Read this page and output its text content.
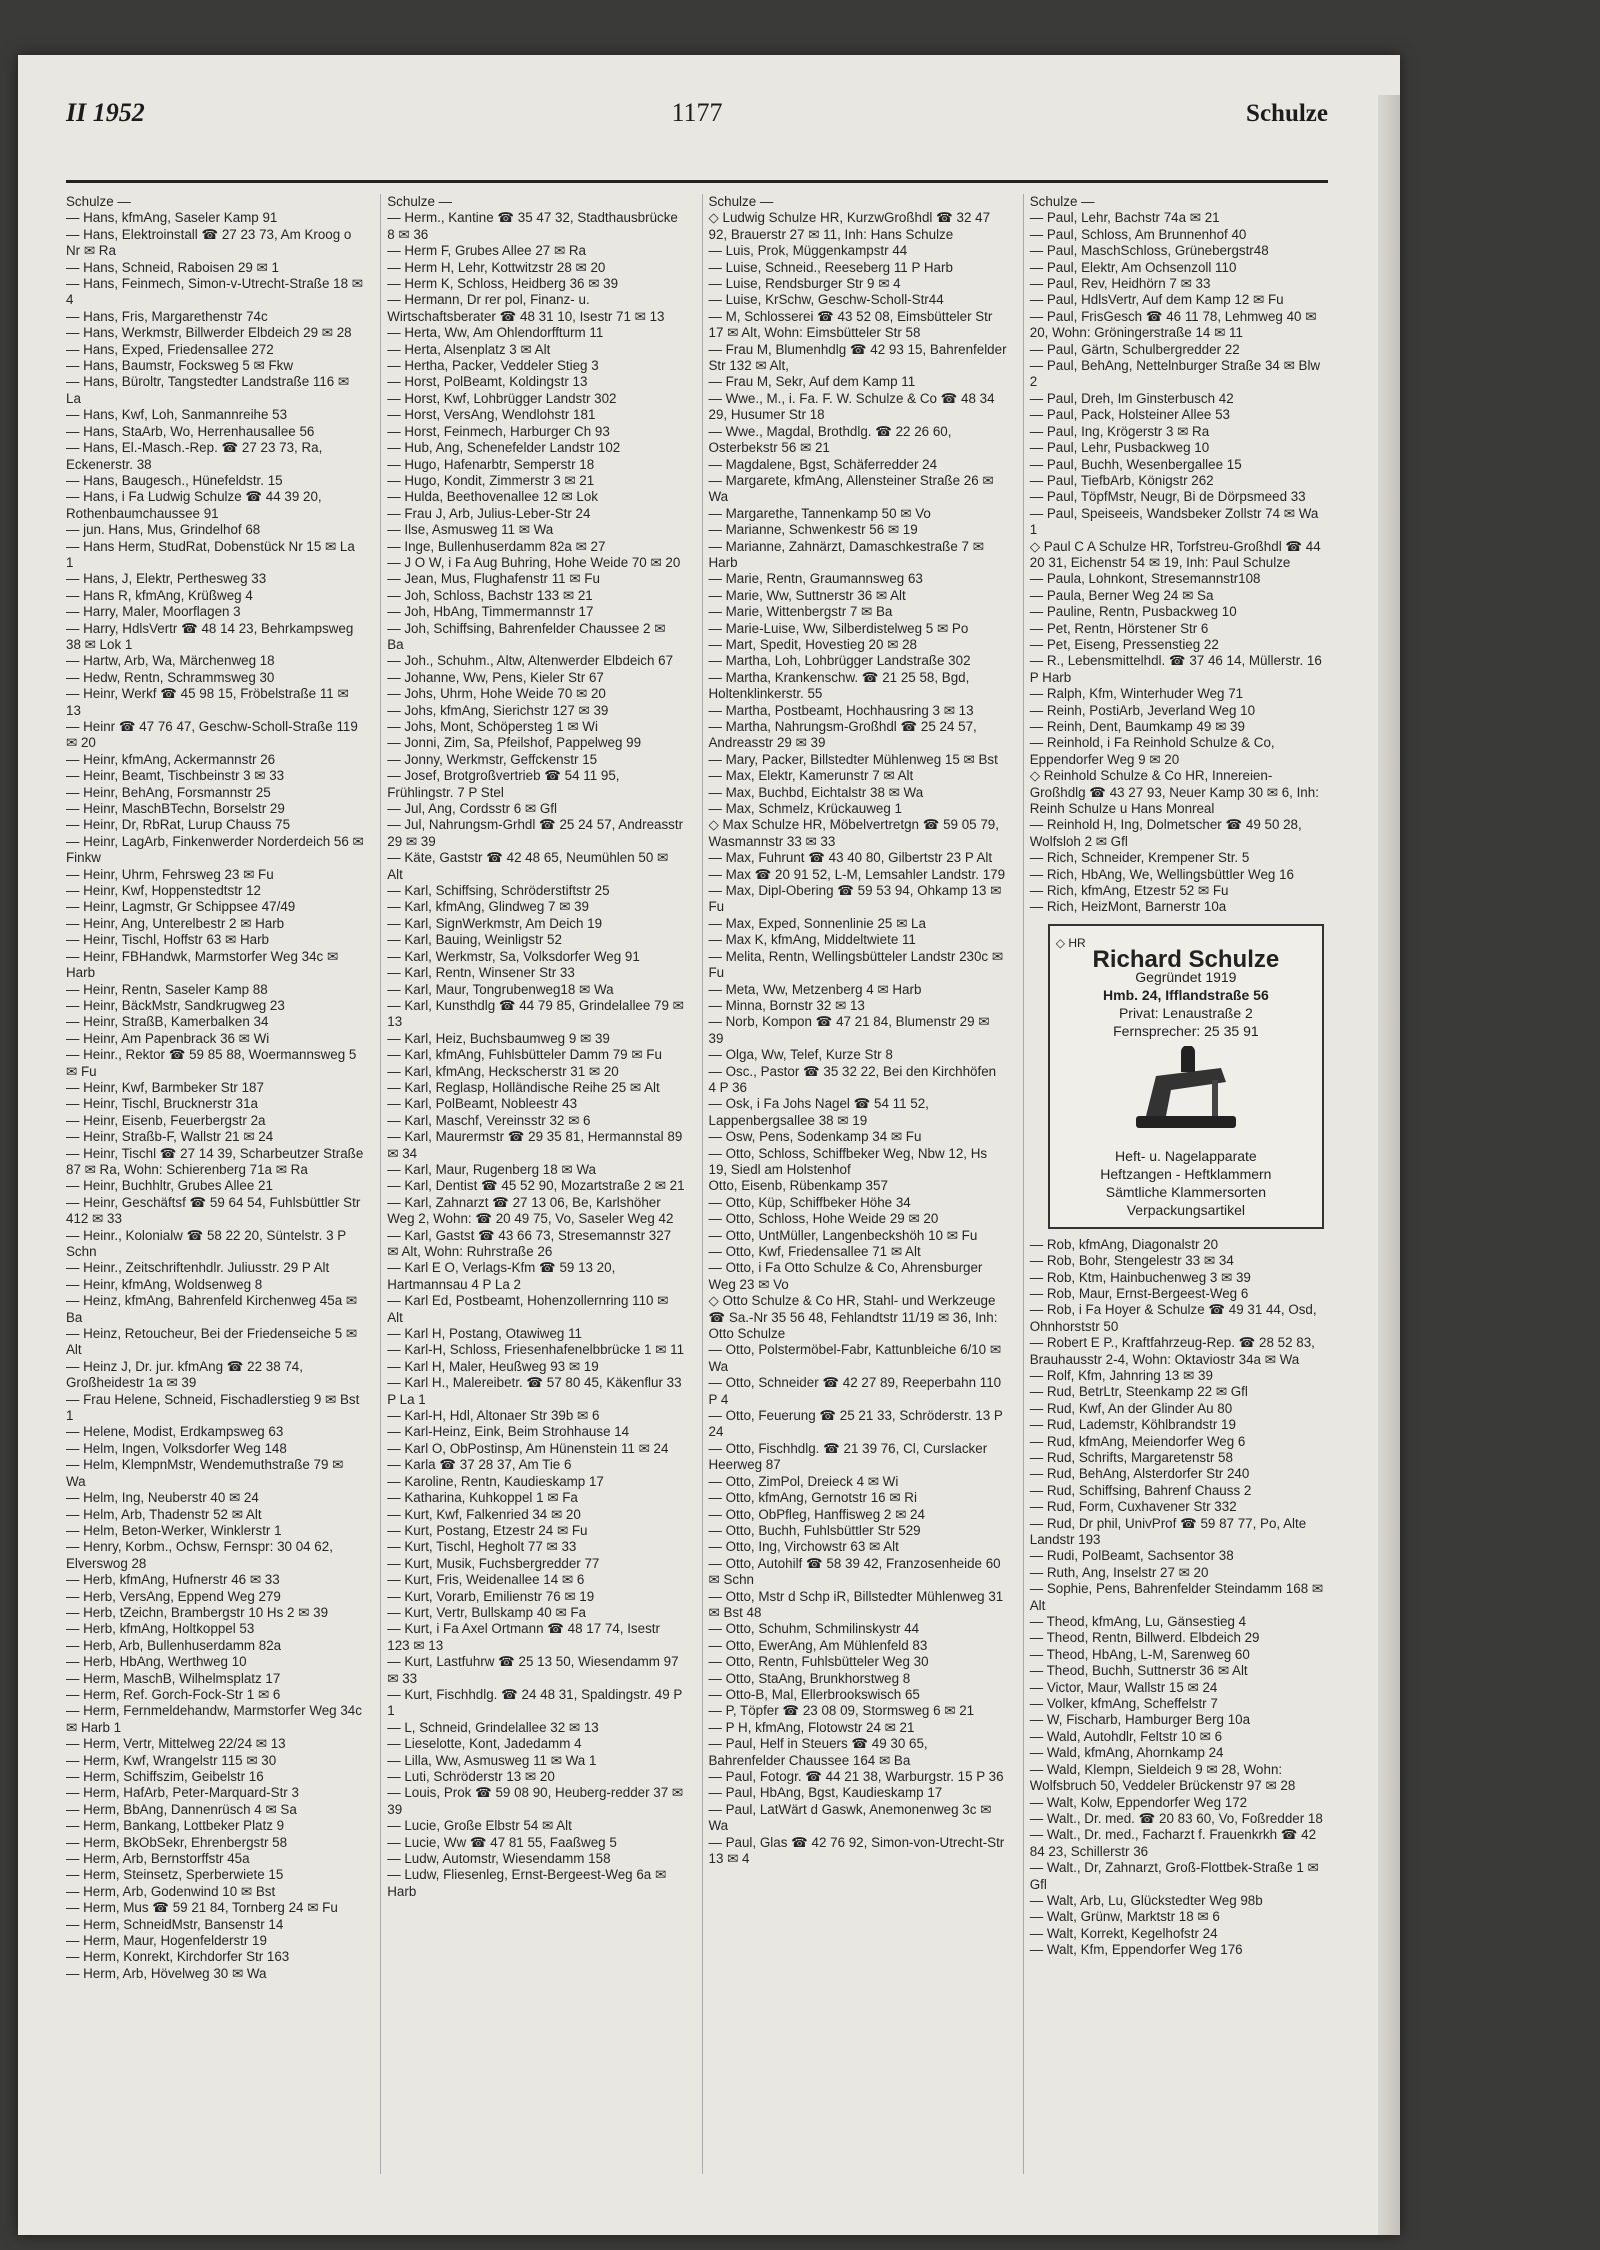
II 1952	1177	Schulze
Schulze —
— Hans, kfmAng, Saseler Kamp 91
— Hans, Elektroinstall ☎ 27 23 73, Am Kroog o Nr ✉ Ra
— Hans, Schneid, Raboisen 29 ✉ 1
— Hans, Feinmech, Simon-v-Utrecht-Straße 18 ✉ 4
— Hans, Fris, Margarethenstr 74c
— Hans, Werkmstr, Billwerder Elbdeich 29 ✉ 28
— Hans, Exped, Friedensallee 272
— Hans, Baumstr, Focksweg 5 ✉ Fkw
— Hans, Büroltr, Tangstedter Landstraße 116 ✉ La
— Hans, Kwf, Loh, Sanmannreihe 53
— Hans, StaArb, Wo, Herrenhausallee 56
— Hans, El.-Masch.-Rep. ☎ 27 23 73, Ra, Eckenerstr. 38
— Hans, Baugesch., Hünefeldstr. 15
— Hans, i Fa Ludwig Schulze ☎ 44 39 20, Rothenbaumchaussee 91
— jun. Hans, Mus, Grindelhof 68
— Hans Herm, StudRat, Dobenstück Nr 15 ✉ La 1
— Hans, J, Elektr, Perthesweg 33
— Hans R, kfmAng, Krüßweg 4
— Harry, Maler, Moorflagen 3
— Harry, HdlsVertr ☎ 48 14 23, Behrkampsweg 38 ✉ Lok 1
— Hartw, Arb, Wa, Märchenweg 18
— Hedw, Rentn, Schrammsweg 30
— Heinr, Werkf ☎ 45 98 15, Fröbelstraße 11 ✉ 13
— Heinr ☎ 47 76 47, Geschw-Scholl-Straße 119 ✉ 20
— Heinr, kfmAng, Ackermannstr 26
— Heinr, Beamt, Tischbeinstr 3 ✉ 33
— Heinr, BehAng, Forsmannstr 25
— Heinr, MaschBTechn, Borselstr 29
— Heinr, Dr, RbRat, Lurup Chauss 75
— Heinr, LagArb, Finkenwerder Norderdeich 56 ✉ Finkw
— Heinr, Uhrm, Fehrsweg 23 ✉ Fu
— Heinr, Kwf, Hoppenstedtstr 12
— Heinr, Lagmstr, Gr Schippsee 47/49
— Heinr, Ang, Unterelbestr 2 ✉ Harb
— Heinr, Tischl, Hoffstr 63 ✉ Harb
— Heinr, FBHandwk, Marmstorfer Weg 34c ✉ Harb
— Heinr, Rentn, Saseler Kamp 88
— Heinr, BäckMstr, Sandkrugweg 23
— Heinr, StraßB, Kamerbalken 34
— Heinr, Am Papenbrack 36 ✉ Wi
— Heinr., Rektor ☎ 59 85 88, Woermannsweg 5 ✉ Fu
— Heinr, Kwf, Barmbeker Str 187
— Heinr, Tischl, Brucknerstr 31a
— Heinr, Eisenb, Feuerbergstr 2a
— Heinr, Straßb-F, Wallstr 21 ✉ 24
— Heinr, Tischl ☎ 27 14 39, Scharbeutzer Straße 87 ✉ Ra, Wohn: Schierenberg 71a ✉ Ra
— Heinr, Buchhltr, Grubes Allee 21
— Heinr, Geschäftsf ☎ 59 64 54, Fuhlsbüttler Str 412 ✉ 33
— Heinr., Kolonialw ☎ 58 22 20, Süntelstr. 3 P Schn
— Heinr., Zeitschriftenhdlr. Juliusstr. 29 P Alt
— Heinr, kfmAng, Woldsenweg 8
— Heinz, kfmAng, Bahrenfeld Kirchenweg 45a ✉ Ba
— Heinz, Retoucheur, Bei der Friedenseiche 5 ✉ Alt
— Heinz J, Dr. jur. kfmAng ☎ 22 38 74, Großheidestr 1a ✉ 39
— Frau Helene, Schneid, Fischadlerstieg 9 ✉ Bst 1
— Helene, Modist, Erdkampsweg 63
— Helm, Ingen, Volksdorfer Weg 148
— Helm, KlempnMstr, Wendemuthstraße 79 ✉ Wa
— Helm, Ing, Neuberstr 40 ✉ 24
— Helm, Arb, Thadenstr 52 ✉ Alt
— Helm, Beton-Werker, Winklerstr 1
— Henry, Korbm., Ochsw, Fernspr: 30 04 62, Elverswog 28
— Herb, kfmAng, Hufnerstr 46 ✉ 33
— Herb, VersAng, Eppend Weg 279
— Herb, tZeichn, Brambergstr 10 Hs 2 ✉ 39
— Herb, kfmAng, Holtkoppel 53
— Herb, Arb, Bullenhuserdamm 82a
— Herb, HbAng, Werthweg 10
— Herm, MaschB, Wilhelmsplatz 17
— Herm, Ref. Gorch-Fock-Str 1 ✉ 6
— Herm, Fernmeldehandw, Marmstorfer Weg 34c ✉ Harb 1
— Herm, Vertr, Mittelweg 22/24 ✉ 13
— Herm, Kwf, Wrangelstr 115 ✉ 30
— Herm, Schiffszim, Geibelstr 16
— Herm, HafArb, Peter-Marquard-Str 3
— Herm, BbAng, Dannenrüsch 4 ✉ Sa
— Herm, Bankang, Lottbeker Platz 9
— Herm, BkObSekr, Ehrenbergstr 58
— Herm, Arb, Bernstorffstr 45a
— Herm, Steinsetz, Sperberwiete 15
— Herm, Arb, Godenwind 10 ✉ Bst
— Herm, Mus ☎ 59 21 84, Tornberg 24 ✉ Fu
— Herm, SchneidMstr, Bansenstr 14
— Herm, Maur, Hogenfelderstr 19
— Herm, Konrekt, Kirchdorfer Str 163
— Herm, Arb, Hövelweg 30 ✉ Wa
Schulze —
— Herm., Kantine ☎ 35 47 32, Stadthausbrücke 8 ✉ 36
— Herm F, Grubes Allee 27 ✉ Ra
— Herm H, Lehr, Kottwitzstr 28 ✉ 20
— Herm K, Schloss, Heidberg 36 ✉ 39
— Hermann, Dr rer pol, Finanz- u. Wirtschaftsberater ☎ 48 31 10, Isestr 71 ✉ 13
— Herta, Ww, Am Ohlendorffturm 11
— Herta, Alsenplatz 3 ✉ Alt
— Hertha, Packer, Veddeler Stieg 3
— Horst, PolBeamt, Koldingstr 13
— Horst, Kwf, Lohbrügger Landstr 302
— Horst, VersAng, Wendlohstr 181
— Horst, Feinmech, Harburger Ch 93
— Hub, Ang, Schenefelder Landstr 102
— Hugo, Hafenarbtr, Semperstr 18
— Hugo, Kondit, Zimmerstr 3 ✉ 21
— Hulda, Beethovenallee 12 ✉ Lok
— Frau J, Arb, Julius-Leber-Str 24
— Ilse, Asmusweg 11 ✉ Wa
— Inge, Bullenhuserdamm 82a ✉ 27
— J O W, i Fa Aug Buhring, Hohe Weide 70 ✉ 20
— Jean, Mus, Flughafenstr 11 ✉ Fu
— Joh, Schloss, Bachstr 133 ✉ 21
— Joh, HbAng, Timmermannstr 17
— Joh, Schiffsing, Bahrenfelder Chaussee 2 ✉ Ba
— Joh., Schuhm., Altw, Altenwerder Elbdeich 67
— Johanne, Ww, Pens, Kieler Str 67
— Johs, Uhrm, Hohe Weide 70 ✉ 20
— Johs, kfmAng, Sierichstr 127 ✉ 39
— Johs, Mont, Schöpersteg 1 ✉ Wi
— Jonni, Zim, Sa, Pfeilshof, Pappelweg 99
— Jonny, Werkmstr, Geffckenstr 15
— Josef, Brotgroßvertrieb ☎ 54 11 95, Frühlingstr. 7 P Stel
— Jul, Ang, Cordsstr 6 ✉ Gfl
— Jul, Nahrungsm-Grhdl ☎ 25 24 57, Andreasstr 29 ✉ 39
— Käte, Gaststr ☎ 42 48 65, Neumühlen 50 ✉ Alt
— Karl, Schiffsing, Schröderstiftstr 25
— Karl, kfmAng, Glindweg 7 ✉ 39
— Karl, SignWerkmstr, Am Deich 19
— Karl, Bauing, Weinligstr 52
— Karl, Werkmstr, Sa, Volksdorfer Weg 91
— Karl, Rentn, Winsener Str 33
— Karl, Maur, Tongrubenweg18 ✉ Wa
— Karl, Kunsthdlg ☎ 44 79 85, Grindelallee 79 ✉ 13
— Karl, Heiz, Buchsbaumweg 9 ✉ 39
— Karl, kfmAng, Fuhlsbütteler Damm 79 ✉ Fu
— Karl, kfmAng, Heckscherstr 31 ✉ 20
— Karl, Reglasp, Holländische Reihe 25 ✉ Alt
— Karl, PolBeamt, Nobleestr 43
— Karl, Maschf, Vereinsstr 32 ✉ 6
— Karl, Maurermstr ☎ 29 35 81, Hermannstal 89 ✉ 34
— Karl, Maur, Rugenberg 18 ✉ Wa
— Karl, Dentist ☎ 45 52 90, Mozartstraße 2 ✉ 21
— Karl, Zahnarzt ☎ 27 13 06, Be, Karlshöher Weg 2, Wohn: ☎ 20 49 75, Vo, Saseler Weg 42
— Karl, Gastst ☎ 43 66 73, Stresemannstr 327 ✉ Alt, Wohn: Ruhrstraße 26
— Karl E O, Verlags-Kfm ☎ 59 13 20, Hartmannsau 4 P La 2
— Karl Ed, Postbeamt, Hohenzollernring 110 ✉ Alt
— Karl H, Postang, Otawiweg 11
— Karl-H, Schloss, Friesenhafenelbbrücke 1 ✉ 11
— Karl H, Maler, Heußweg 93 ✉ 19
— Karl H., Malereibetr. ☎ 57 80 45, Käkenflur 33 P La 1
— Karl-H, Hdl, Altonaer Str 39b ✉ 6
— Karl-Heinz, Eink, Beim Strohhause 14
— Karl O, ObPostinsp, Am Hünenstein 11 ✉ 24
— Karla ☎ 37 28 37, Am Tie 6
— Karoline, Rentn, Kaudieskamp 17
— Katharina, Kuhkoppel 1 ✉ Fa
— Kurt, Kwf, Falkenried 34 ✉ 20
— Kurt, Postang, Etzestr 24 ✉ Fu
— Kurt, Tischl, Hegholt 77 ✉ 33
— Kurt, Musik, Fuchsbergredder 77
— Kurt, Fris, Weidenallee 14 ✉ 6
— Kurt, Vorarb, Emilienstr 76 ✉ 19
— Kurt, Vertr, Bullskamp 40 ✉ Fa
— Kurt, i Fa Axel Ortmann ☎ 48 17 74, Isestr 123 ✉ 13
— Kurt, Lastfuhrw ☎ 25 13 50, Wiesendamm 97 ✉ 33
— Kurt, Fischhdlg. ☎ 24 48 31, Spaldingstr. 49 P 1
— L, Schneid, Grindelallee 32 ✉ 13
— Lieselotte, Kont, Jadedamm 4
— Lilla, Ww, Asmusweg 11 ✉ Wa 1
— Luti, Schröderstr 13 ✉ 20
— Louis, Prok ☎ 59 08 90, Heuberg-redder 37 ✉ 39
— Lucie, Große Elbstr 54 ✉ Alt
— Lucie, Ww ☎ 47 81 55, Faaßweg 5
— Ludw, Automstr, Wiesendamm 158
— Ludw, Fliesenleg, Ernst-Bergeest-Weg 6a ✉ Harb
Schulze —
◇ Ludwig Schulze HR, KurzwGroßhdl ☎ 32 47 92, Brauerstr 27 ✉ 11, Inh: Hans Schulze
— Luis, Prok, Müggenkampstr 44
— Luise, Schneid., Reeseberg 11 P Harb
— Luise, Rendsburger Str 9 ✉ 4
— Luise, KrSchw, Geschw-Scholl-Str44
— M, Schlosserei ☎ 43 52 08, Eimsbütteler Str 17 ✉ Alt, Wohn: Eimsbütteler Str 58
— Frau M, Blumenhdlg ☎ 42 93 15, Bahrenfelder Str 132 ✉ Alt,
— Frau M, Sekr, Auf dem Kamp 11
— Wwe., M., i. Fa. F. W. Schulze & Co ☎ 48 34 29, Husumer Str 18
— Wwe., Magdal, Brothdlg. ☎ 22 26 60, Osterbekstr 56 ✉ 21
— Magdalene, Bgst, Schäferredder 24
— Margarete, kfmAng, Allensteiner Straße 26 ✉ Wa
— Margarethe, Tannenkamp 50 ✉ Vo
— Marianne, Schwenkestr 56 ✉ 19
— Marianne, Zahnärzt, Damaschkestraße 7 ✉ Harb
— Marie, Rentn, Graumannsweg 63
— Marie, Ww, Suttnerstr 36 ✉ Alt
— Marie, Wittenbergstr 7 ✉ Ba
— Marie-Luise, Ww, Silberdistelweg 5 ✉ Po
— Mart, Spedit, Hovestieg 20 ✉ 28
— Martha, Loh, Lohbrügger Landstraße 302
— Martha, Krankenschw. ☎ 21 25 58, Bgd, Holtenklinkerstr. 55
— Martha, Postbeamt, Hochhausring 3 ✉ 13
— Martha, Nahrungsm-Großhdl ☎ 25 24 57, Andreasstr 29 ✉ 39
— Mary, Packer, Billstedter Mühlenweg 15 ✉ Bst
— Max, Elektr, Kamerunstr 7 ✉ Alt
— Max, Buchbd, Eichtalstr 38 ✉ Wa
— Max, Schmelz, Krückauweg 1
◇ Max Schulze HR, Möbelvertretgn ☎ 59 05 79, Wasmannstr 33 ✉ 33
— Max, Fuhrunt ☎ 43 40 80, Gilbertstr 23 P Alt
— Max ☎ 20 91 52, L-M, Lemsahler Landstr. 179
— Max, Dipl-Obering ☎ 59 53 94, Ohkamp 13 ✉ Fu
— Max, Exped, Sonnenlinie 25 ✉ La
— Max K, kfmAng, Middeltwiete 11
— Melita, Rentn, Wellingsbütteler Landstr 230c ✉ Fu
— Meta, Ww, Metzenberg 4 ✉ Harb
— Minna, Bornstr 32 ✉ 13
— Norb, Kompon ☎ 47 21 84, Blumenstr 29 ✉ 39
— Olga, Ww, Telef, Kurze Str 8
— Osc., Pastor ☎ 35 32 22, Bei den Kirchhöfen 4 P 36
— Osk, i Fa Johs Nagel ☎ 54 11 52, Lappenbergsallee 38 ✉ 19
— Osw, Pens, Sodenkamp 34 ✉ Fu
— Otto, Schloss, Schiffbeker Weg, Nbw 12, Hs 19, Siedl am Holstenhof
Otto, Eisenb, Rübenkamp 357
— Otto, Küp, Schiffbeker Höhe 34
— Otto, Schloss, Hohe Weide 29 ✉ 20
— Otto, UntMüller, Langenbeckshöh 10 ✉ Fu
— Otto, Kwf, Friedensallee 71 ✉ Alt
— Otto, i Fa Otto Schulze & Co, Ahrensburger Weg 23 ✉ Vo
◇ Otto Schulze & Co HR, Stahl- und Werkzeuge ☎ Sa.-Nr 35 56 48, Fehlandtstr 11/19 ✉ 36, Inh: Otto Schulze
— Otto, Polstermöbel-Fabr, Kattunbleiche 6/10 ✉ Wa
— Otto, Schneider ☎ 42 27 89, Reeperbahn 110 P 4
— Otto, Feuerung ☎ 25 21 33, Schröderstr. 13 P 24
— Otto, Fischhdlg. ☎ 21 39 76, Cl, Curslacker Heerweg 87
— Otto, ZimPol, Dreieck 4 ✉ Wi
— Otto, kfmAng, Gernotstr 16 ✉ Ri
— Otto, ObPfleg, Hanffisweg 2 ✉ 24
— Otto, Buchh, Fuhlsbüttler Str 529
— Otto, Ing, Virchowstr 63 ✉ Alt
— Otto, Autohilf ☎ 58 39 42, Franzosenheide 60 ✉ Schn
— Otto, Mstr d Schp iR, Billstedter Mühlenweg 31 ✉ Bst 48
— Otto, Schuhm, Schmilinskystr 44
— Otto, EwerAng, Am Mühlenfeld 83
— Otto, Rentn, Fuhlsbütteler Weg 30
— Otto, StaAng, Brunkhorstweg 8
— Otto-B, Mal, Ellerbrookswisch 65
— P, Töpfer ☎ 23 08 09, Stormsweg 6 ✉ 21
— P H, kfmAng, Flotowstr 24 ✉ 21
— Paul, Helf in Steuers ☎ 49 30 65, Bahrenfelder Chaussee 164 ✉ Ba
— Paul, Fotogr. ☎ 44 21 38, Warburgstr. 15 P 36
— Paul, HbAng, Bgst, Kaudieskamp 17
— Paul, LatWärt d Gaswk, Anemonenweg 3c ✉ Wa
— Paul, Glas ☎ 42 76 92, Simon-von-Utrecht-Str 13 ✉ 4
Schulze —
— Paul, Lehr, Bachstr 74a ✉ 21
— Paul, Schloss, Am Brunnenhof 40
— Paul, MaschSchloss, Grünebergstr48
— Paul, Elektr, Am Ochsenzoll 110
— Paul, Rev, Heidhörn 7 ✉ 33
— Paul, HdlsVertr, Auf dem Kamp 12 ✉ Fu
— Paul, FrisGesch ☎ 46 11 78, Lehmweg 40 ✉ 20, Wohn: Gröningerstraße 14 ✉ 11
— Paul, Gärtn, Schulbergredder 22
— Paul, BehAng, Nettelnburger Straße 34 ✉ Blw 2
— Paul, Dreh, Im Ginsterbusch 42
— Paul, Pack, Holsteiner Allee 53
— Paul, Ing, Krögerstr 3 ✉ Ra
— Paul, Lehr, Pusbackweg 10
— Paul, Buchh, Wesenbergallee 15
— Paul, TiefbArb, Königstr 262
— Paul, TöpfMstr, Neugr, Bi de Dörpsmeed 33
— Paul, Speiseeis, Wandsbeker Zollstr 74 ✉ Wa 1
◇ Paul C A Schulze HR, Torfstreu-Großhdl ☎ 44 20 31, Eichenstr 54 ✉ 19, Inh: Paul Schulze
— Paula, Lohnkont, Stresemannstr108
— Paula, Berner Weg 24 ✉ Sa
— Pauline, Rentn, Pusbackweg 10
— Pet, Rentn, Hörstener Str 6
— Pet, Eiseng, Pressenstieg 22
— R., Lebensmittelhdl. ☎ 37 46 14, Müllerstr. 16 P Harb
— Ralph, Kfm, Winterhuder Weg 71
— Reinh, PostiArb, Jeverland Weg 10
— Reinh, Dent, Baumkamp 49 ✉ 39
— Reinhold, i Fa Reinhold Schulze & Co, Eppendorfer Weg 9 ✉ 20
◇ Reinhold Schulze & Co HR, Innereien-Großhdlg ☎ 43 27 93, Neuer Kamp 30 ✉ 6, Inh: Reinh Schulze u Hans Monreal
— Reinhold H, Ing, Dolmetscher ☎ 49 50 28, Wolfsloh 2 ✉ Gfl
— Rich, Schneider, Krempener Str. 5
— Rich, HbAng, We, Wellingsbüttler Weg 16
— Rich, kfmAng, Etzestr 52 ✉ Fu
— Rich, HeizMont, Barnerstr 10a
◇ HR
Richard Schulze
Gegründet 1919
Hmb. 24, Ifflandstraße 56
Privat: Lenaustraße 2
Fernsprecher: 25 35 91
Heft- u. Nagelapparate
Heftzangen - Heftklammern
Sämtliche Klammersorten
Verpackungsartikel
— Rob, kfmAng, Diagonalstr 20
— Rob, Bohr, Stengelestr 33 ✉ 34
— Rob, Ktm, Hainbuchenweg 3 ✉ 39
— Rob, Maur, Ernst-Bergeest-Weg 6
— Rob, i Fa Hoyer & Schulze ☎ 49 31 44, Osd, Ohnhorststr 50
— Robert E P., Kraftfahrzeug-Rep. ☎ 28 52 83, Brauhausstr 2-4, Wohn: Oktaviostr 34a ✉ Wa
— Rolf, Kfm, Jahnring 13 ✉ 39
— Rud, BetrLtr, Steenkamp 22 ✉ Gfl
— Rud, Kwf, An der Glinder Au 80
— Rud, Lademstr, Köhlbrandstr 19
— Rud, kfmAng, Meiendorfer Weg 6
— Rud, Schrifts, Margaretenstr 58
— Rud, BehAng, Alsterdorfer Str 240
— Rud, Schiffsing, Bahrenf Chauss 2
— Rud, Form, Cuxhavener Str 332
— Rud, Dr phil, UnivProf ☎ 59 87 77, Po, Alte Landstr 193
— Rudi, PolBeamt, Sachsentor 38
— Ruth, Ang, Inselstr 27 ✉ 20
— Sophie, Pens, Bahrenfelder Steindamm 168 ✉ Alt
— Theod, kfmAng, Lu, Gänsestieg 4
— Theod, Rentn, Billwerd. Elbdeich 29
— Theod, HbAng, L-M, Sarenweg 60
— Theod, Buchh, Suttnerstr 36 ✉ Alt
— Victor, Maur, Wallstr 15 ✉ 24
— Volker, kfmAng, Scheffelstr 7
— W, Fischarb, Hamburger Berg 10a
— Wald, Autohdlr, Feltstr 10 ✉ 6
— Wald, kfmAng, Ahornkamp 24
— Wald, Klempn, Sieldeich 9 ✉ 28, Wohn: Wolfsbruch 50, Veddeler Brückenstr 97 ✉ 28
— Walt, Kolw, Eppendorfer Weg 172
— Walt., Dr. med. ☎ 20 83 60, Vo, Foßredder 18
— Walt., Dr. med., Facharzt f. Frauenkrkh ☎ 42 84 23, Schillerstr 36
— Walt., Dr, Zahnarzt, Groß-Flottbek-Straße 1 ✉ Gfl
— Walt, Arb, Lu, Glückstedter Weg 98b
— Walt, Grünw, Marktstr 18 ✉ 6
— Walt, Korrekt, Kegelhofstr 24
— Walt, Kfm, Eppendorfer Weg 176
